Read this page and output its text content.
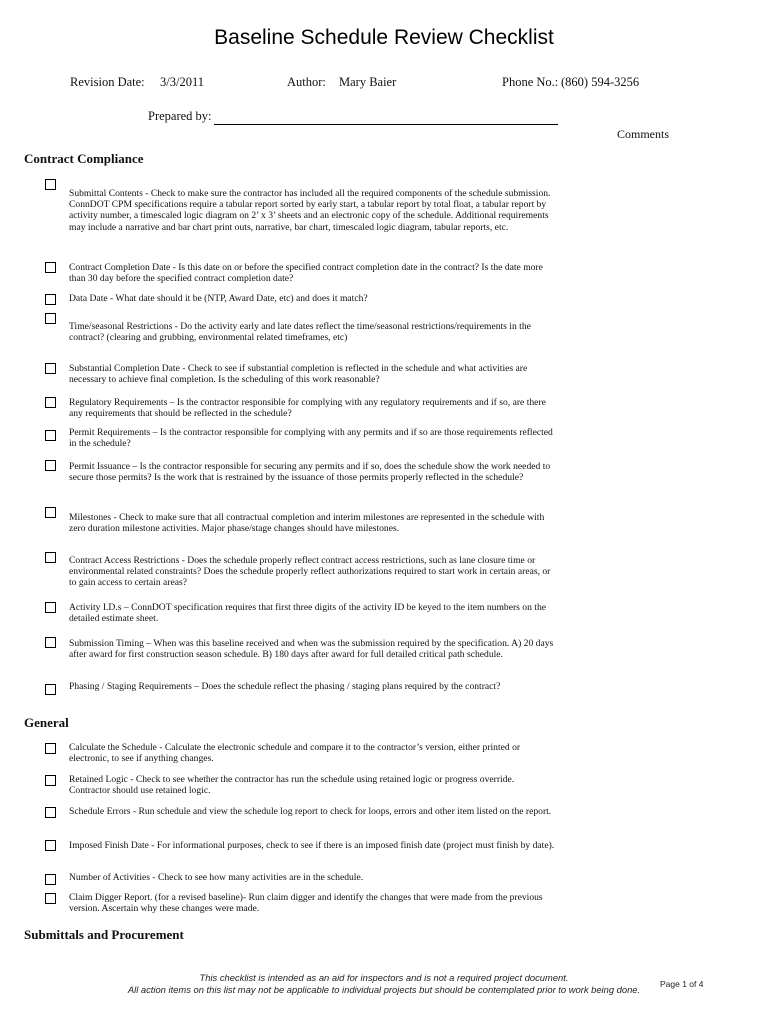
Baseline Schedule Review Checklist
Revision Date: 3/3/2011	Author: Mary Baier	Phone No.: (860) 594-3256
Prepared by:
Comments
Contract Compliance
Submittal Contents - Check to make sure the contractor has included all the required components of the schedule submission. ConnDOT CPM specifications require a tabular report sorted by early start, a tabular report by total float, a tabular report by activity number, a timescaled logic diagram on 2’ x 3’ sheets and an electronic copy of the schedule. Additional requirements may include a narrative and bar chart print outs, narrative, bar chart, timescaled logic diagram, tabular reports, etc.
Contract Completion Date - Is this date on or before the specified contract completion date in the contract? Is the date more than 30 day before the specified contract completion date?
Data Date - What date should it be (NTP, Award Date, etc) and does it match?
Time/seasonal Restrictions - Do the activity early and late dates reflect the time/seasonal restrictions/requirements in the contract? (clearing and grubbing, environmental related timeframes, etc)
Substantial Completion Date - Check to see if substantial completion is reflected in the schedule and what activities are necessary to achieve final completion. Is the scheduling of this work reasonable?
Regulatory Requirements – Is the contractor responsible for complying with any regulatory requirements and if so, are there any requirements that should be reflected in the schedule?
Permit Requirements – Is the contractor responsible for complying with any permits and if so are those requirements reflected in the schedule?
Permit Issuance – Is the contractor responsible for securing any permits and if so, does the schedule show the work needed to secure those permits? Is the work that is restrained by the issuance of those permits properly reflected in the schedule?
Milestones - Check to make sure that all contractual completion and interim milestones are represented in the schedule with zero duration milestone activities. Major phase/stage changes should have milestones.
Contract Access Restrictions - Does the schedule properly reflect contract access restrictions, such as lane closure time or environmental related constraints? Does the schedule properly reflect authorizations required to start work in certain areas, or to gain access to certain areas?
Activity I.D.s – ConnDOT specification requires that first three digits of the activity ID be keyed to the item numbers on the detailed estimate sheet.
Submission Timing – When was this baseline received and when was the submission required by the specification. A) 20 days after award for first construction season schedule. B) 180 days after award for full detailed critical path schedule.
Phasing / Staging Requirements – Does the schedule reflect the phasing / staging plans required by the contract?
General
Calculate the Schedule - Calculate the electronic schedule and compare it to the contractor’s version, either printed or electronic, to see if anything changes.
Retained Logic - Check to see whether the contractor has run the schedule using retained logic or progress override. Contractor should use retained logic.
Schedule Errors - Run schedule and view the schedule log report to check for loops, errors and other item listed on the report.
Imposed Finish Date - For informational purposes, check to see if there is an imposed finish date (project must finish by date).
Number of Activities - Check to see how many activities are in the schedule.
Claim Digger Report. (for a revised baseline)- Run claim digger and identify the changes that were made from the previous version. Ascertain why these changes were made.
Submittals and Procurement
This checklist is intended as an aid for inspectors and is not a required project document.
All action items on this list may not be applicable to individual projects but should be contemplated prior to work being done.	Page 1 of 4
